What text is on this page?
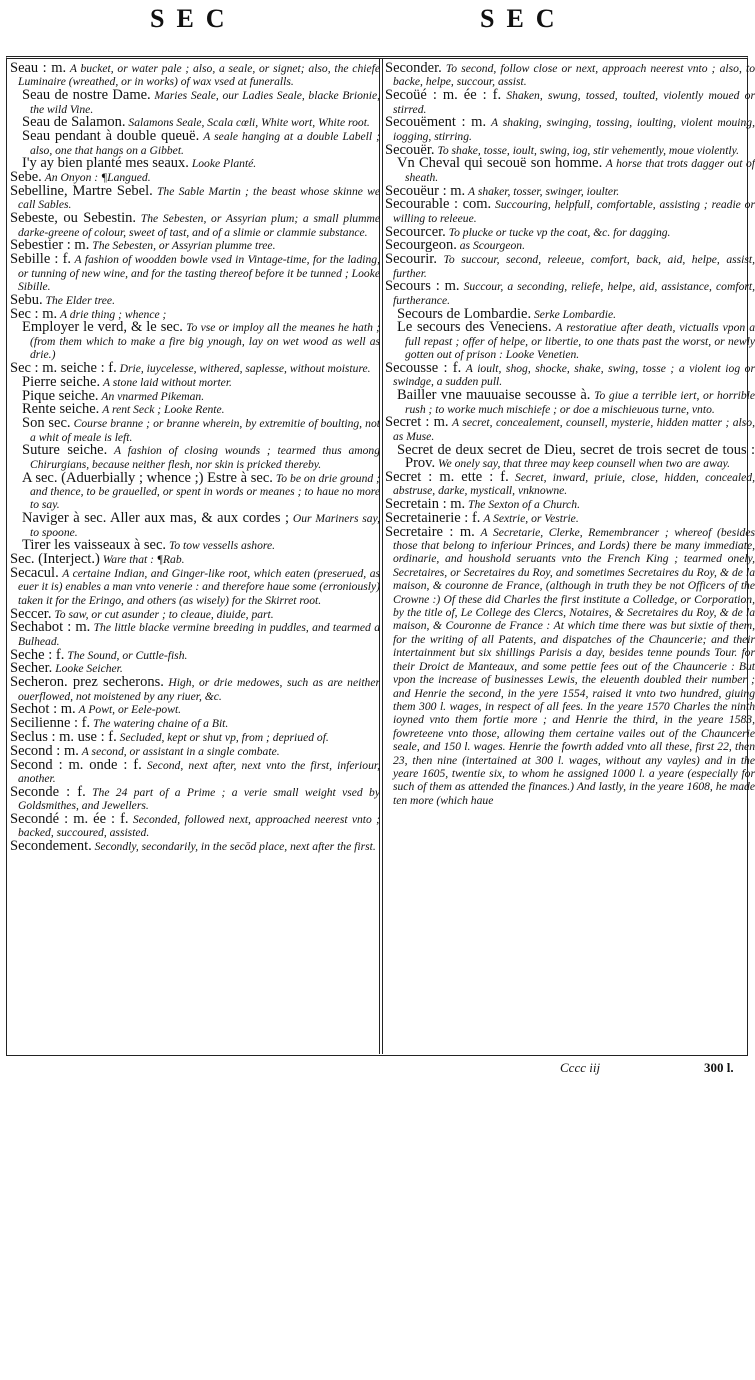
SEC	SEC

Seau : m. A bucket, or water pale ; also, a seale, or signet; also, the chiefe Luminaire (wreathed, or in works) of wax vsed at funeralls.

Seau de nostre Dame. Maries Seale, our Ladies Seale, blacke Brionie, the wild Vine.

Seau de Salamon. Salamons Seale, Scala cœli, White wort, White root.

Seau pendant à double queuë. A seale hanging at a double Labell ; also, one that hangs on a Gibbet.

I'y ay bien planté mes seaux. Looke Planté.

Sebe. An Onyon : ¶Langued.

Sebelline, Martre Sebel. The Sable Martin ; the beast whose skinne we call Sables.

Sebeste, ou Sebestin. The Sebesten, or Assyrian plum; a small plumme darke-greene of colour, sweet of tast, and of a slimie or clammie substance.

Sebestier : m. The Sebesten, or Assyrian plumme tree.

Sebille : f. A fashion of woodden bowle vsed in Vintage-time, for the lading, or tunning of new wine, and for the tasting thereof before it be tunned ; Looke Sibille.

Sebu. The Elder tree.

Sec : m. A drie thing ; whence ;

Employer le verd, & le sec. To vse or imploy all the meanes he hath ; (from them which to make a fire big ynough, lay on wet wood as well as drie.)

Sec : m. seiche : f. Drie, iuycelesse, withered, saplesse, without moisture.

Pierre seiche. A stone laid without morter.

Pique seiche. An vnarmed Pikeman.

Rente seiche. A rent Seck ; Looke Rente.

Son sec. Course branne ; or branne wherein, by extremitie of boulting, not a whit of meale is left.

Suture seiche. A fashion of closing wounds ; tearmed thus among Chirurgians, because neither flesh, nor skin is pricked thereby.

A sec. (Aduerbially ; whence ;) Estre à sec. To be on drie ground ; and thence, to be grauelled, or spent in words or meanes ; to haue no more to say.

Naviger à sec. Aller aux mas, & aux cordes ; Our Mariners say, to spoone.

Tirer les vaisseaux à sec. To tow vessells ashore.

Sec. (Interject.) Ware that : ¶Rab.

Secacul. A certaine Indian, and Ginger-like root, which eaten (preserued, as euer it is) enables a man vnto venerie : and therefore haue some (erroniously) taken it for the Eringo, and others (as wisely) for the Skirret root.

Seccer. To saw, or cut asunder ; to cleaue, diuide, part.

Sechabot : m. The little blacke vermine breeding in puddles, and tearmed a Bulhead.

Seche : f. The Sound, or Cuttle-fish.

Secher. Looke Seicher.

Secheron. prez secherons. High, or drie medowes, such as are neither ouerflowed, not moistened by any riuer, &c.

Sechot : m. A Powt, or Eele-powt.

Secilienne : f. The watering chaine of a Bit.

Seclus : m. use : f. Secluded, kept or shut vp, from ; depriued of.

Second : m. A second, or assistant in a single combate.

Second : m. onde : f. Second, next after, next vnto the first, inferiour, another.

Seconde : f. The 24 part of a Prime ; a verie small weight vsed by Goldsmithes, and Jewellers.

Secondé : m. ée : f. Seconded, followed next, approached neerest vnto ; backed, succoured, assisted.

Secondement. Secondly, secondarily, in the secōd place, next after the first.

Seconder. To second, follow close or next, approach neerest vnto ; also, to backe, helpe, succour, assist.

Secoüé : m. ée : f. Shaken, swung, tossed, toulted, violently moued or stirred.

Secouëment : m. A shaking, swinging, tossing, ioulting, violent mouing, iogging, stirring.

Secouër. To shake, tosse, ioult, swing, iog, stir vehemently, moue violently.

Vn Cheval qui secouë son homme. A horse that trots dagger out of sheath.

Secouëur : m. A shaker, tosser, swinger, ioulter.

Secourable : com. Succouring, helpfull, comfortable, assisting ; readie or willing to releeue.

Secourcer. To plucke or tucke vp the coat, &c. for dagging.

Secourgeon. as Scourgeon.

Secourir. To succour, second, releeue, comfort, back, aid, helpe, assist, further.

Secours : m. Succour, a seconding, reliefe, helpe, aid, assistance, comfort, furtherance.

Secours de Lombardie. Serke Lombardie.

Le secours des Veneciens. A restoratiue after death, victualls vpon a full repast ; offer of helpe, or libertie, to one thats past the worst, or newly gotten out of prison : Looke Venetien.

Secousse : f. A ioult, shog, shocke, shake, swing, tosse ; a violent iog or swindge, a sudden pull.

Bailler vne mauuaise secousse à. To giue a terrible iert, or horrible rush ; to worke much mischiefe ; or doe a mischieuous turne, vnto.

Secret : m. A secret, concealement, counsell, mysterie, hidden matter ; also, as Muse.

Secret de deux secret de Dieu, secret de trois secret de tous : Prov. We onely say, that three may keep counsell when two are away.

Secret : m. ette : f. Secret, inward, priuie, close, hidden, concealed, abstruse, darke, mysticall, vnknowne.

Secretain : m. The Sexton of a Church.

Secretainerie : f. A Sextrie, or Vestrie.

Secretaire : m. A Secretarie, Clerke, Remembrancer ; whereof (besides those that belong to inferiour Princes, and Lords) there be many immediate, ordinarie, and houshold seruants vnto the French King ; tearmed onely, Secretaires, or Secretaires du Roy, and sometimes Secretaires du Roy, & de la maison, & couronne de France, (although in truth they be not Officers of the Crowne :) Of these did Charles the first institute a Colledge, or Corporation, by the title of, Le College des Clercs, Notaires, & Secretaires du Roy, & de la maison, & Couronne de France : At which time there was but sixtie of them, for the writing of all Patents, and dispatches of the Chauncerie; and their intertainment but six shillings Parisis a day, besides tenne pounds Tour. for their Droict de Manteaux, and some pettie fees out of the Chauncerie : But vpon the increase of businesses Lewis, the eleuenth doubled their number ; and Henrie the second, in the yere 1554, raised it vnto two hundred, giuing them 300 l. wages, in respect of all fees. In the yeare 1570 Charles the ninth ioyned vnto them fortie more ; and Henrie the third, in the yeare 1583, fowreteene vnto those, allowing them certaine vailes out of the Chauncerie seale, and 150 l. wages. Henrie the fowrth added vnto all these, first 22, then 23, then nine (intertained at 300 l. wages, without any vayles) and in the yeare 1605, twentie six, to whom he assigned 1000 l. a yeare (especially for such of them as attended the finances.) And lastly, in the yeare 1608, he made ten more (which haue

Cccc iij	300 l.
